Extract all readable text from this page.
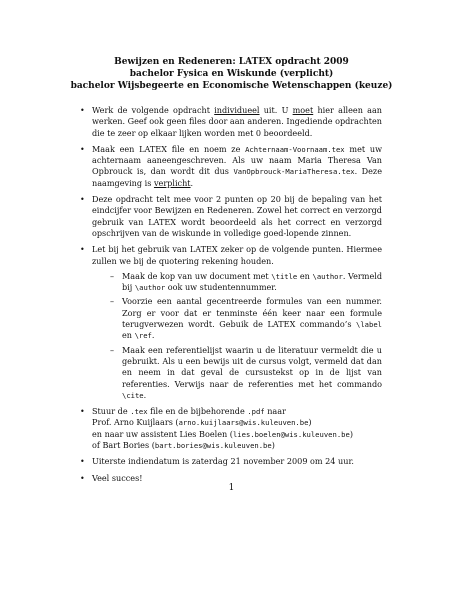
Bewijzen en Redeneren: LATEX opdracht 2009
bachelor Fysica en Wiskunde (verplicht)
bachelor Wijsbegeerte en Economische Wetenschappen (keuze)
• Werk de volgende opdracht individueel uit. U moet hier alleen aan werken. Geef ook geen files door aan anderen. Ingediende opdrachten die te zeer op elkaar lijken worden met 0 beoordeeld.
• Maak een LATEX file en noem ze Achternaam-Voornaam.tex met uw achternaam aaneengeschreven. Als uw naam Maria Theresa Van Opbrouck is, dan wordt dit dus VanOpbrouck-MariaTheresa.tex. Deze naamgeving is verplicht.
• Deze opdracht telt mee voor 2 punten op 20 bij de bepaling van het eindcijfer voor Bewijzen en Redeneren. Zowel het correct en verzorgd gebruik van LATEX wordt beoordeeld als het correct en verzorgd opschrijven van de wiskunde in volledige goed-lopende zinnen.
• Let bij het gebruik van LATEX zeker op de volgende punten. Hiermee zullen we bij de quotering rekening houden.
– Maak de kop van uw document met \title en \author. Vermeld bij \author ook uw studentennummer.
– Voorzie een aantal gecentreerde formules van een nummer. Zorg er voor dat er tenminste één keer naar een formule terugverwezen wordt. Gebuik de LATEX commando’s \label en \ref.
– Maak een referentielijst waarin u de literatuur vermeldt die u gebruikt. Als u een bewijs uit de cursus volgt, vermeld dat dan en neem in dat geval de cursustekst op in de lijst van referenties. Verwijs naar de referenties met het commando \cite.
• Stuur de .tex file en de bijbehorende .pdf naar
Prof. Arno Kuijlaars (arno.kuijlaars@wis.kuleuven.be)
en naar uw assistent Lies Boelen (lies.boelen@wis.kuleuven.be)
of Bart Bories (bart.bories@wis.kuleuven.be)
• Uiterste indiendatum is zaterdag 21 november 2009 om 24 uur.
• Veel succes!
1
